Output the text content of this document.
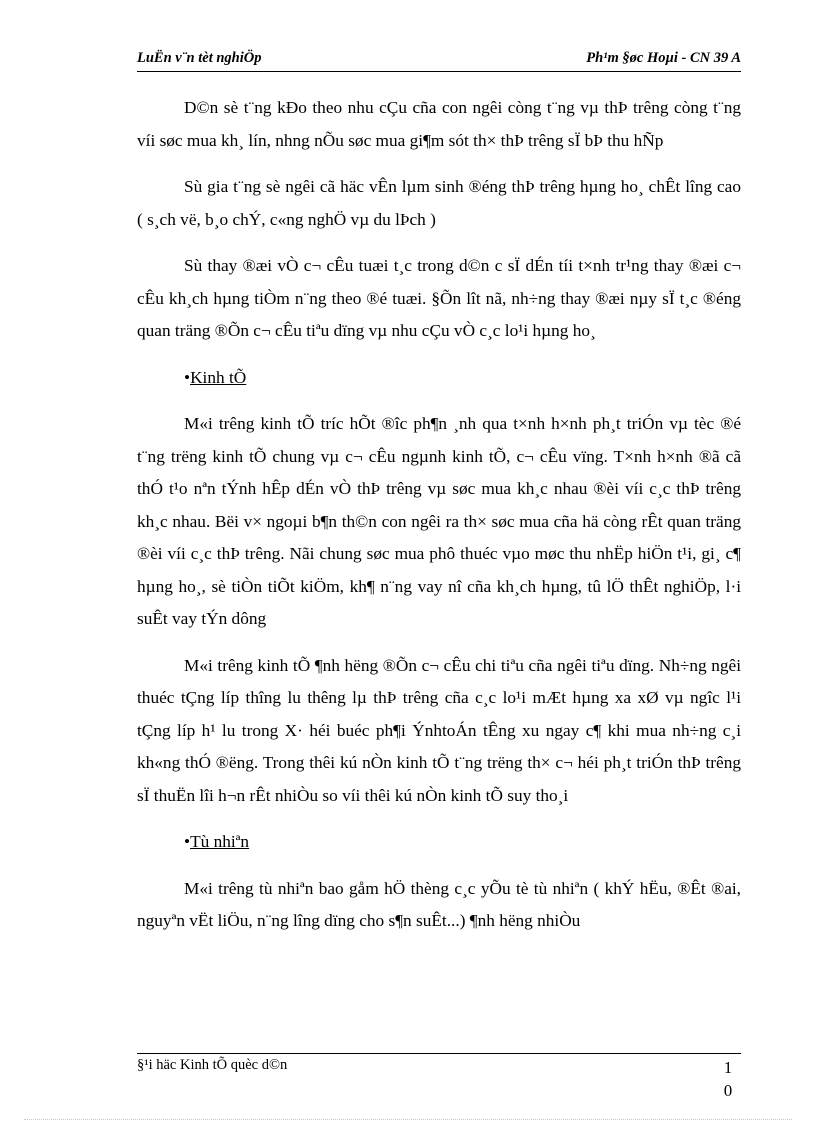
LuËn v¨n tèt nghiÖp	Ph¹m §øc Hoµi - CN 39 A

D©n sè t¨ng kÐo theo nhu cÇu cña con ngêi còng t¨ng vµ thÞ trêng còng t¨ng víi søc mua kh¸ lín, nhng nÕu søc mua gi¶m sót th× thÞ trêng sÏ bÞ thu hÑp

Sù gia t¨ng sè ngêi cã häc vÊn lµm sinh ®éng thÞ trêng hµng ho¸ chÊt lîng cao ( s¸ch vë, b¸o chÝ, c«ng nghÖ vµ du lÞch )

Sù thay ®æi vÒ c¬ cÊu tuæi t¸c trong d©n c sÏ dÉn tíi t×nh tr¹ng thay ®æi c¬ cÊu kh¸ch hµng tiÒm n¨ng theo ®é tuæi. §Õn lît nã, nh÷ng thay ®æi nµy sÏ t¸c ®éng quan träng ®Õn c¬ cÊu tiªu dïng vµ nhu cÇu vÒ c¸c lo¹i hµng ho¸

•Kinh tÕ

M«i trêng kinh tÕ tríc hÕt ®îc ph¶n ¸nh qua t×nh h×nh ph¸t triÓn vµ tèc ®é t¨ng trëng kinh tÕ chung vµ c¬ cÊu ngµnh kinh tÕ, c¬ cÊu vïng. T×nh h×nh ®ã cã thÓ t¹o nªn tÝnh hÊp dÉn vÒ thÞ trêng vµ søc mua kh¸c nhau ®èi víi c¸c thÞ trêng kh¸c nhau. Bëi v× ngoµi b¶n th©n con ngêi ra th× søc mua cña hä còng rÊt quan träng ®èi víi c¸c thÞ trêng. Nãi chung søc mua phô thuéc vµo møc thu nhËp hiÖn t¹i, gi¸ c¶ hµng ho¸, sè tiÒn tiÕt kiÖm, kh¶ n¨ng vay nî cña kh¸ch hµng, tû lÖ thÊt nghiÖp, l·i suÊt vay tÝn dông

M«i trêng kinh tÕ ¶nh hëng ®Õn c¬ cÊu chi tiªu cña ngêi tiªu dïng. Nh÷ng ngêi thuéc tÇng líp thîng lu thêng lµ thÞ trêng cña c¸c lo¹i mÆt hµng xa xØ vµ ngîc l¹i tÇng líp h¹ lu trong X· héi buéc ph¶i ÝnhtoÁn tÊng xu ngay c¶ khi mua nh÷ng c¸i kh«ng thÓ ®ëng. Trong thêi kú nÒn kinh tÕ t¨ng trëng th× c¬ héi ph¸t triÓn thÞ trêng sÏ thuËn lîi h¬n rÊt nhiÒu so víi thêi kú nÒn kinh tÕ suy tho¸i

•Tù nhiªn

M«i trêng tù nhiªn bao gåm hÖ thèng c¸c yÕu tè tù nhiªn ( khÝ hËu, ®Êt ®ai, nguyªn vËt liÖu, n¨ng lîng dïng cho s¶n suÊt...) ¶nh hëng nhiÒu

§¹i häc Kinh tÕ quèc d©n	1
0
